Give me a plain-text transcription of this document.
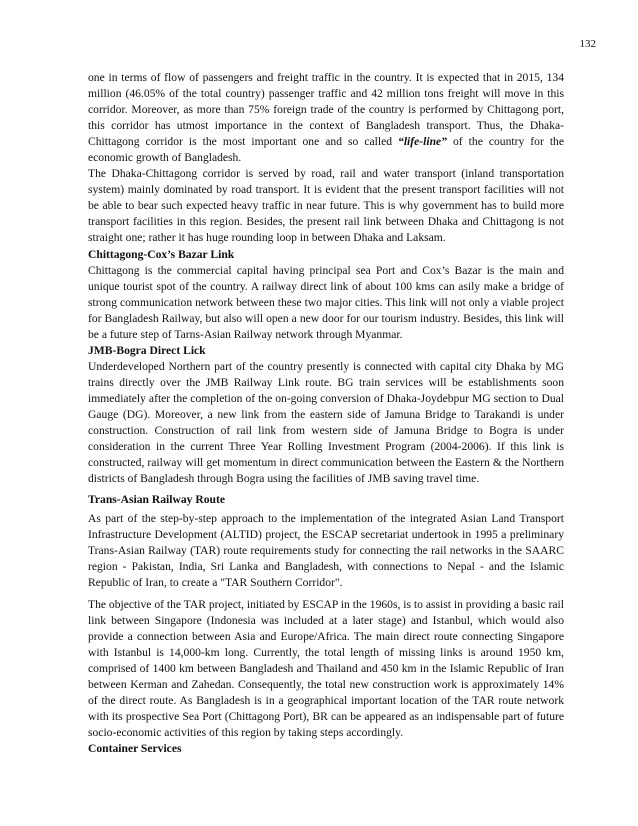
132

one in terms of flow of passengers and freight traffic in the country. It is expected that in 2015, 134 million (46.05% of the total country) passenger traffic and 42 million tons freight will move in this corridor. Moreover, as more than 75% foreign trade of the country is performed by Chittagong port, this corridor has utmost importance in the context of Bangladesh transport. Thus, the Dhaka-Chittagong corridor is the most important one and so called “life-line” of the country for the economic growth of Bangladesh.

The Dhaka-Chittagong corridor is served by road, rail and water transport (inland transportation system) mainly dominated by road transport. It is evident that the present transport facilities will not be able to bear such expected heavy traffic in near future. This is why government has to build more transport facilities in this region. Besides, the present rail link between Dhaka and Chittagong is not straight one; rather it has huge rounding loop in between Dhaka and Laksam.

Chittagong-Cox’s Bazar Link

Chittagong is the commercial capital having principal sea Port and Cox’s Bazar is the main and unique tourist spot of the country. A railway direct link of about 100 kms can asily make a bridge of strong communication network between these two major cities. This link will not only a viable project for Bangladesh Railway, but also will open a new door for our tourism industry. Besides, this link will be a future step of Tarns-Asian Railway network through Myanmar.

JMB-Bogra Direct Lick

Underdeveloped Northern part of the country presently is connected with capital city Dhaka by MG trains directly over the JMB Railway Link route. BG train services will be establishments soon immediately after the completion of the on-going conversion of Dhaka-Joydebpur MG section to Dual Gauge (DG). Moreover, a new link from the eastern side of Jamuna Bridge to Tarakandi is under construction. Construction of rail link from western side of Jamuna Bridge to Bogra is under consideration in the current Three Year Rolling Investment Program (2004-2006). If this link is constructed, railway will get momentum in direct communication between the Eastern & the Northern districts of Bangladesh through Bogra using the facilities of JMB saving travel time.

Trans-Asian Railway Route

As part of the step-by-step approach to the implementation of the integrated Asian Land Transport Infrastructure Development (ALTID) project, the ESCAP secretariat undertook in 1995 a preliminary Trans-Asian Railway (TAR) route requirements study for connecting the rail networks in the SAARC region - Pakistan, India, Sri Lanka and Bangladesh, with connections to Nepal - and the Islamic Republic of Iran, to create a "TAR Southern Corridor".

The objective of the TAR project, initiated by ESCAP in the 1960s, is to assist in providing a basic rail link between Singapore (Indonesia was included at a later stage) and Istanbul, which would also provide a connection between Asia and Europe/Africa. The main direct route connecting Singapore with Istanbul is 14,000-km long. Currently, the total length of missing links is around 1950 km, comprised of 1400 km between Bangladesh and Thailand and 450 km in the Islamic Republic of Iran between Kerman and Zahedan. Consequently, the total new construction work is approximately 14% of the direct route. As Bangladesh is in a geographical important location of the TAR route network with its prospective Sea Port (Chittagong Port), BR can be appeared as an indispensable part of future socio-economic activities of this region by taking steps accordingly.

Container Services
